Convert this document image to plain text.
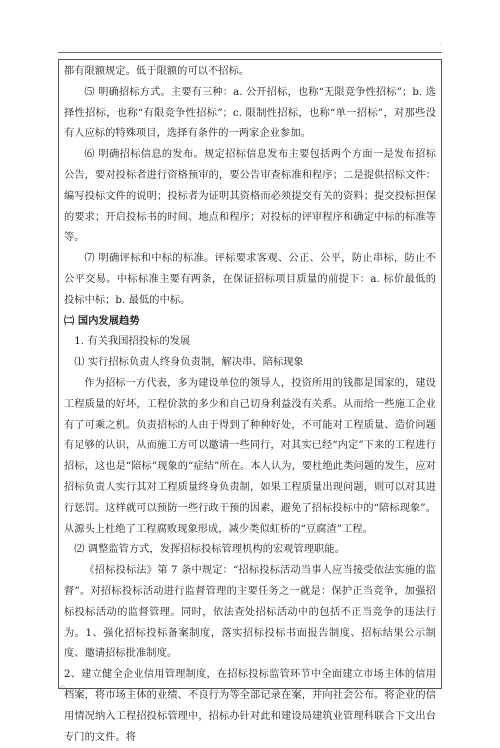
.

都有限额规定。低于限额的可以不招标。

⑸ 明确招标方式。主要有三种：a. 公开招标，也称“无限竞争性招标”；b. 选择性招标，也称“有限竞争性招标”；c. 限制性招标，也称“单一招标”，对那些没有人应标的特殊项目，选择有条件的一两家企业参加。

⑹ 明确招标信息的发布。规定招标信息发布主要包括两个方面一是发布招标公告，要对投标者进行资格预审的，要公告审查标准和程序；二是提供招标文件：编写投标文件的说明；投标者为证明其资格而必须提交有关的资料；提交投标担保的要求；开启投标书的时间、地点和程序；对投标的评审程序和确定中标的标准等等。

⑺ 明确评标和中标的标准。评标要求客观、公正、公平，防止串标，防止不公平交易。中标标准主要有两条，在保证招标项目质量的前提下：a. 标价最低的投标中标；b. 最低的中标。

㈡ 国内发展趋势

1. 有关我国招投标的发展

⑴ 实行招标负责人终身负责制，解决串、陪标现象

作为招标一方代表，多为建设单位的领导人，投资所用的钱都是国家的，建设工程质量的好坏，工程价款的多少和自己切身利益没有关系。从而给一些施工企业有了可乘之机。负责招标的人由于得到了种种好处，不可能对工程质量、造价问题有足够的认识，从而施工方可以邀请一些同行，对其实已经“内定”下来的工程进行招标，这也是“陪标”现象的“症结”所在。本人认为，要杜绝此类问题的发生，应对招标负责人实行其对工程质量终身负责制，如果工程质量出现问题，则可以对其进行惩罚。这样就可以预防一些行政干预的因素，避免了招标投标中的“陪标现象”。从源头上杜绝了工程腐败现象形成，减少类似虹桥的“豆腐渣”工程。

⑵ 调整监管方式，发挥招标投标管理机构的宏观管理职能。

《招标投标法》第 7 条中规定：“招标投标活动当事人应当接受依法实施的监督”。对招标投标活动进行监督管理的主要任务之一就是：保护正当竞争，加强招标投标活动的监督管理。同时，依法查处招标活动中的包括不正当竞争的违法行为。1、强化招标投标备案制度，落实招标投标书面报告制度、招标结果公示制度、邀请招标批准制度。

2、建立健全企业信用管理制度，在招标投标监管环节中全面建立市场主体的信用档案，将市场主体的业绩、不良行为等全部记录在案，并向社会公布。将企业的信用情况纳入工程招投标管理中，招标办针对此和建设局建筑业管理科联合下文出台专门的文件。将

◇
